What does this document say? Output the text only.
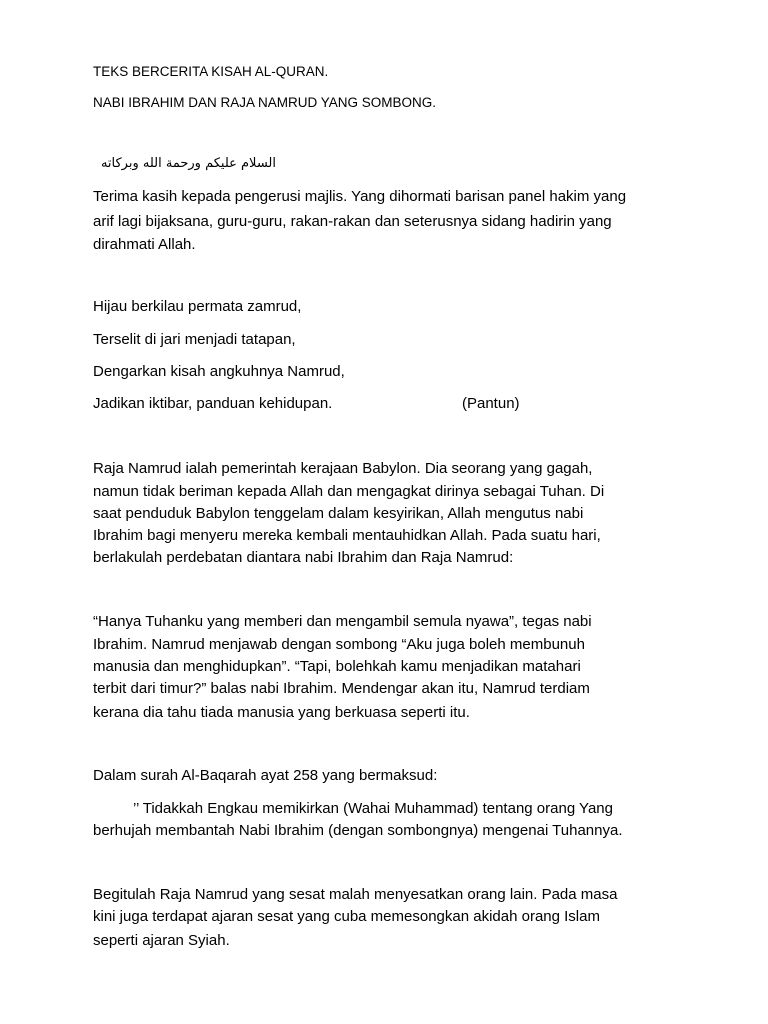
TEKS BERCERITA KISAH AL-QURAN.

NABI IBRAHIM DAN RAJA NAMRUD YANG SOMBONG.

السلام عليكم ورحمة الله وبركاته

Terima kasih kepada pengerusi majlis. Yang dihormati barisan panel hakim yang

arif lagi bijaksana, guru-guru, rakan-rakan dan seterusnya sidang hadirin yang

dirahmati Allah.

Hijau berkilau permata zamrud,

Terselit di jari menjadi tatapan,

Dengarkan kisah angkuhnya Namrud,

Jadikan iktibar, panduan kehidupan.	(Pantun)

Raja Namrud ialah pemerintah kerajaan Babylon. Dia seorang yang gagah,

namun tidak beriman kepada Allah dan mengagkat dirinya sebagai Tuhan. Di

saat penduduk Babylon tenggelam dalam kesyirikan, Allah mengutus nabi

Ibrahim bagi menyeru mereka kembali mentauhidkan Allah. Pada suatu hari,

berlakulah perdebatan diantara nabi Ibrahim dan Raja Namrud:

“Hanya Tuhanku yang memberi dan mengambil semula nyawa”, tegas nabi

Ibrahim. Namrud menjawab dengan sombong “Aku juga boleh membunuh

manusia dan menghidupkan”. “Tapi, bolehkah kamu menjadikan matahari

terbit dari timur?” balas nabi Ibrahim. Mendengar akan itu, Namrud terdiam

kerana dia tahu tiada manusia yang berkuasa seperti itu.

Dalam surah Al-Baqarah ayat 258 yang bermaksud:

’’ Tidakkah Engkau memikirkan (Wahai Muhammad) tentang orang Yang

berhujah membantah Nabi Ibrahim (dengan sombongnya) mengenai Tuhannya.

Begitulah Raja Namrud yang sesat malah menyesatkan orang lain. Pada masa

kini juga terdapat ajaran sesat yang cuba memesongkan akidah orang Islam

seperti ajaran Syiah.
